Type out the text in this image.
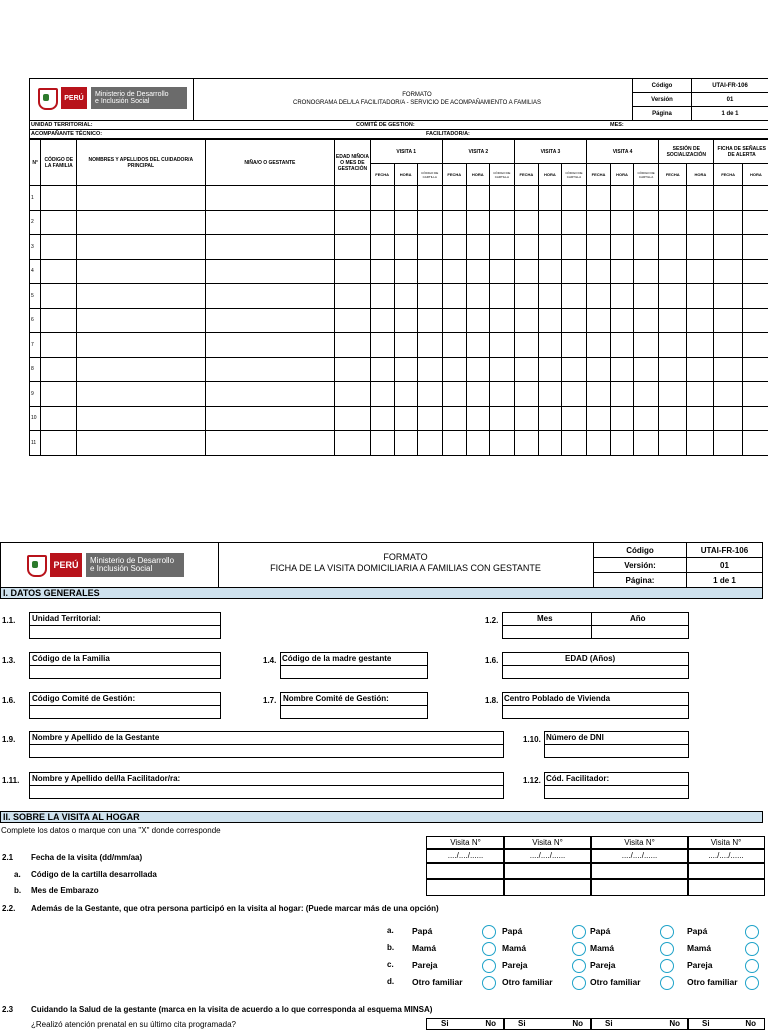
PERÚ
Ministerio de Desarrollo
e Inclusión Social
FORMATO
CRONOGRAMA DEL/LA FACILITADOR/A - SERVICIO DE ACOMPAÑAMIENTO A FAMILIAS
Código	UTAI-FR-106
Versión	01
Página	1 de 1
UNIDAD TERRITORIAL:	COMITÉ DE GESTION:	MES:
ACOMPAÑANTE TÉCNICO:	FACILITADOR/A:
N°	CÓDIGO DE LA FAMILIA	NOMBRES Y APELLIDOS DEL CUIDADOR/A PRINCIPAL	NIÑA/O O GESTANTE	EDAD NIÑO/A O MES DE GESTACIÓN	VISITA 1			VISITA 2			VISITA 3			VISITA 4			SESIÓN DE SOCIALIZACIÓN		FICHA DE SEÑALES DE ALERTA	
					FECHA	HORA	CÓDIGO DE CARTILLA	FECHA	HORA	CÓDIGO DE CARTILLA	FECHA	HORA	CÓDIGO DE CARTILLA	FECHA	HORA	CÓDIGO DE CARTILLA	FECHA	HORA	FECHA	HORA
1																				
2																				
3																				
4																				
5																				
6																				
7																				
8																				
9																				
10																				
11																				
PERÚ	Ministerio de Desarrollo
e Inclusión Social
FORMATO
FICHA DE LA VISITA DOMICILIARIA A FAMILIAS CON GESTANTE
Código	UTAI-FR-106
Versión:	01
Página:	1 de 1
I. DATOS GENERALES
1.1. Unidad Territorial:	1.2.	Mes	Año
1.3. Código de la Familia	1.4. Código de la madre gestante	1.6.	EDAD (Años)
1.6. Código Comité de Gestión:	1.7. Nombre Comité de Gestión:	1.8. Centro Poblado de Vivienda
1.9. Nombre y Apellido de la Gestante	1.10. Número de DNI
1.11. Nombre y Apellido del/la Facilitador/ra:	1.12. Cód. Facilitador:
II. SOBRE LA VISITA AL HOGAR
Complete los datos o marque con una "X" donde corresponde
Visita N°	Visita N°	Visita N°	Visita N°
..../..../......	..../..../......	..../..../......	..../..../......
2.1 Fecha de la visita (dd/mm/aa)
a. Código de la cartilla desarrollada
b. Mes de Embarazo
2.2. Además de la Gestante, que otra persona participó en la visita al hogar: (Puede marcar más de una opción)
a. Papá	Papá	Papá	Papá
b. Mamá	Mamá	Mamá	Mamá
c. Pareja	Pareja	Pareja	Pareja
d. Otro familiar	Otro familiar	Otro familiar	Otro familiar
2.3 Cuidando la Salud de la gestante (marca en la visita de acuerdo a lo que corresponda al esquema MINSA)
¿Realizó atención prenatal en su último cita programada?	Si	No	Si	No	Si	No	Si	No
